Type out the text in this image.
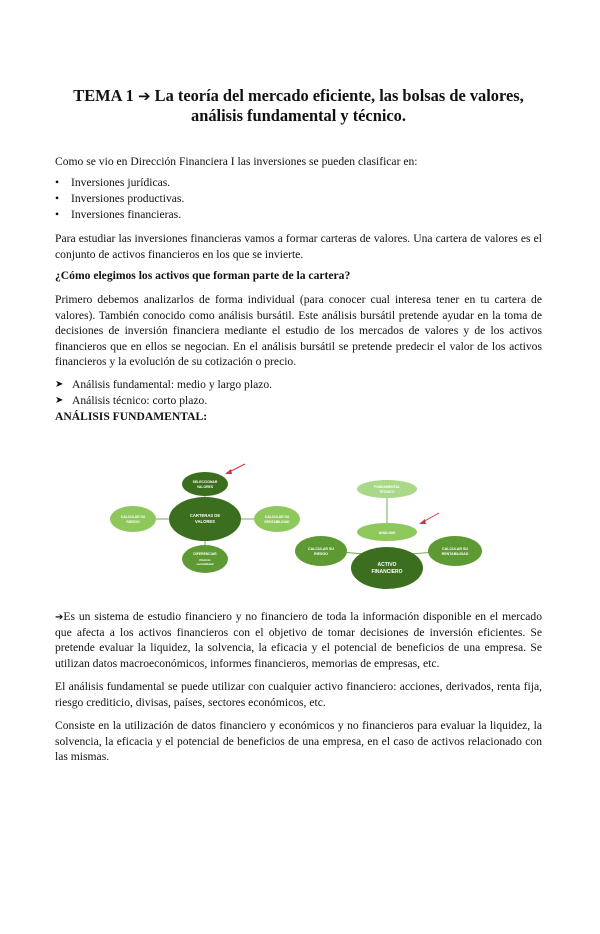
TEMA 1 ➔ La teoría del mercado eficiente, las bolsas de valores,
análisis fundamental y técnico.

Como se vio en Dirección Financiera I las inversiones se pueden clasificar en:

• Inversiones jurídicas.
• Inversiones productivas.
• Inversiones financieras.

Para estudiar las inversiones financieras vamos a formar carteras de valores. Una cartera de valores es el conjunto de activos financieros en los que se invierte.

¿Cómo elegimos los activos que forman parte de la cartera?

Primero debemos analizarlos de forma individual (para conocer cual interesa tener en tu cartera de valores). También conocido como análisis bursátil. Este análisis bursátil pretende ayudar en la toma de decisiones de inversión financiera mediante el estudio de los mercados de valores y de los activos financieros que en ellos se negocian. En el análisis bursátil se pretende predecir el valor de los activos financieros y la evolución de su cotización o precio.

➤ Análisis fundamental: medio y largo plazo.
➤ Análisis técnico: corto plazo.

ANÁLISIS FUNDAMENTAL:

CARTERAS DE
VALORES
SELECCIONAR
VALORES
CALCULAR SU
RIESGO
CALCULAR SU
RENTABILIDAD
DIFERENCIAR
Distinto
rentabilidad
FUNDAMENTAL
TÉCNICO
ANÁLISIS
ACTIVO
FINANCIERO
CALCULAR SU
RIESGO
CALCULAR SU
RENTABILIDAD

➔Es un sistema de estudio financiero y no financiero de toda la información disponible en el mercado que afecta a los activos financieros con el objetivo de tomar decisiones de inversión eficientes. Se pretende evaluar la liquidez, la solvencia, la eficacia y el potencial de beneficios de una empresa. Se utilizan datos macroeconómicos, informes financieros, memorias de empresas, etc.

El análisis fundamental se puede utilizar con cualquier activo financiero: acciones, derivados, renta fija, riesgo crediticio, divisas, países, sectores económicos, etc.

Consiste en la utilización de datos financiero y económicos y no financieros para evaluar la liquidez, la solvencia, la eficacia y el potencial de beneficios de una empresa, en el caso de activos relacionado con las mismas.
